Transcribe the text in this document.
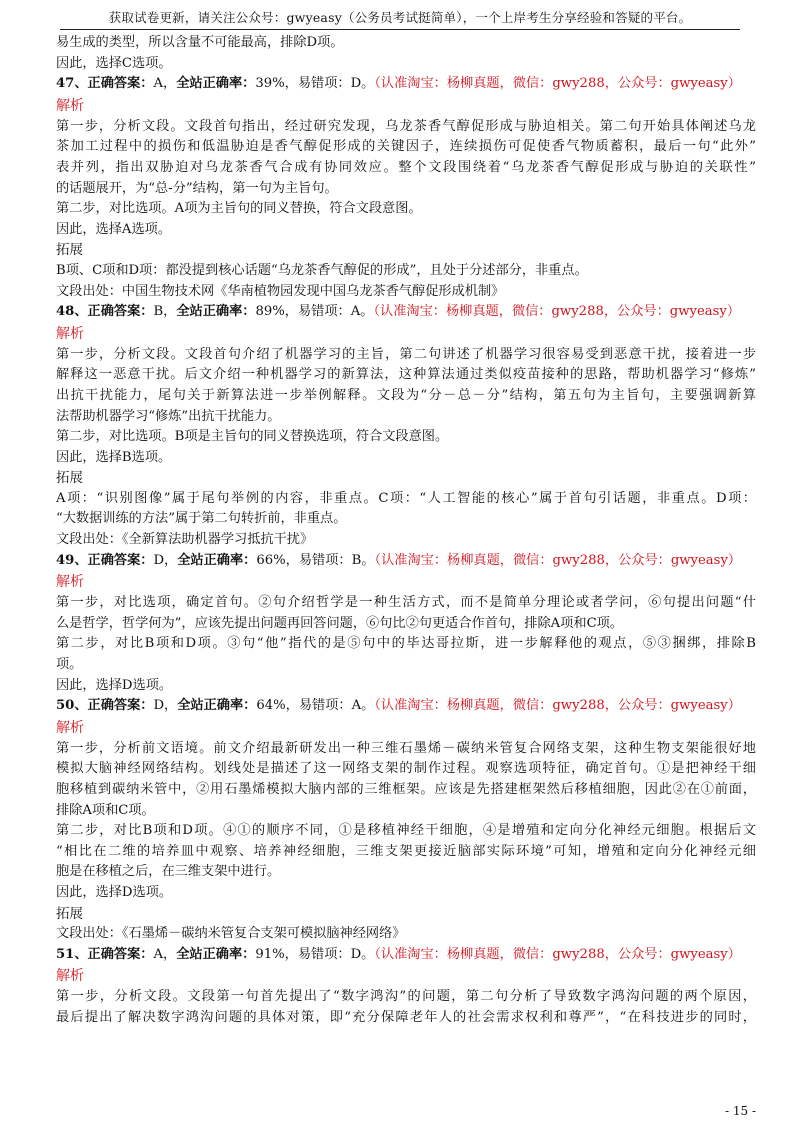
获取试卷更新，请关注公众号：gwyeasy（公务员考试挺简单），一个上岸考生分享经验和答疑的平台。
易生成的类型，所以含量不可能最高，排除D项。
因此，选择C选项。
47、正确答案：A，全站正确率：39%，易错项：D。（认准淘宝：杨柳真题，微信：gwy288，公众号：gwyeasy）
解析
第一步，分析文段。文段首句指出，经过研究发现，乌龙茶香气醇促形成与胁迫相关。第二句开始具体阐述乌龙
茶加工过程中的损伤和低温胁迫是香气醇促形成的关键因子，连续损伤可促使香气物质蓄积，最后一句“此外”
表并列，指出双胁迫对乌龙茶香气合成有协同效应。整个文段围绕着“乌龙茶香气醇促形成与胁迫的关联性”
的话题展开，为“总-分”结构，第一句为主旨句。
第二步，对比选项。A项为主旨句的同义替换，符合文段意图。
因此，选择A选项。
拓展
B项、C项和D项：都没提到核心话题“乌龙茶香气醇促的形成”，且处于分述部分，非重点。
文段出处：中国生物技术网《华南植物园发现中国乌龙茶香气醇促形成机制》
48、正确答案：B，全站正确率：89%，易错项：A。（认准淘宝：杨柳真题，微信：gwy288，公众号：gwyeasy）
解析
第一步，分析文段。文段首句介绍了机器学习的主旨，第二句讲述了机器学习很容易受到恶意干扰，接着进一步
解释这一恶意干扰。后文介绍一种机器学习的新算法，这种算法通过类似疫苗接种的思路，帮助机器学习“修炼”
出抗干扰能力，尾句关于新算法进一步举例解释。文段为“分－总－分”结构，第五句为主旨句，主要强调新算
法帮助机器学习“修炼”出抗干扰能力。
第二步，对比选项。B项是主旨句的同义替换选项，符合文段意图。
因此，选择B选项。
拓展
A项：“识别图像”属于尾句举例的内容，非重点。C项：“人工智能的核心”属于首句引话题，非重点。D项：
“大数据训练的方法”属于第二句转折前，非重点。
文段出处：《全新算法助机器学习抵抗干扰》
49、正确答案：D，全站正确率：66%，易错项：B。（认准淘宝：杨柳真题，微信：gwy288，公众号：gwyeasy）
解析
第一步，对比选项，确定首句。②句介绍哲学是一种生活方式，而不是简单分理论或者学问，⑥句提出问题“什
么是哲学，哲学何为”，应该先提出问题再回答问题，⑥句比②句更适合作首句，排除A项和C项。
第二步，对比B项和D项。③句“他”指代的是⑤句中的毕达哥拉斯，进一步解释他的观点，⑤③捆绑，排除B
项。
因此，选择D选项。
50、正确答案：D，全站正确率：64%，易错项：A。（认准淘宝：杨柳真题，微信：gwy288，公众号：gwyeasy）
解析
第一步，分析前文语境。前文介绍最新研发出一种三维石墨烯－碳纳米管复合网络支架，这种生物支架能很好地
模拟大脑神经网络结构。划线处是描述了这一网络支架的制作过程。观察选项特征，确定首句。①是把神经干细
胞移植到碳纳米管中，②用石墨烯模拟大脑内部的三维框架。应该是先搭建框架然后移植细胞，因此②在①前面，
排除A项和C项。
第二步，对比B项和D项。④①的顺序不同，①是移植神经干细胞，④是增殖和定向分化神经元细胞。根据后文
“相比在二维的培养皿中观察、培养神经细胞，三维支架更接近脑部实际环境”可知，增殖和定向分化神经元细
胞是在移植之后，在三维支架中进行。
因此，选择D选项。
拓展
文段出处：《石墨烯－碳纳米管复合支架可模拟脑神经网络》
51、正确答案：A，全站正确率：91%，易错项：D。（认准淘宝：杨柳真题，微信：gwy288，公众号：gwyeasy）
解析
第一步，分析文段。文段第一句首先提出了“数字鸿沟”的问题，第二句分析了导致数字鸿沟问题的两个原因，
最后提出了解决数字鸿沟问题的具体对策，即“充分保障老年人的社会需求权利和尊严”，“在科技进步的同时，
- 15 -
